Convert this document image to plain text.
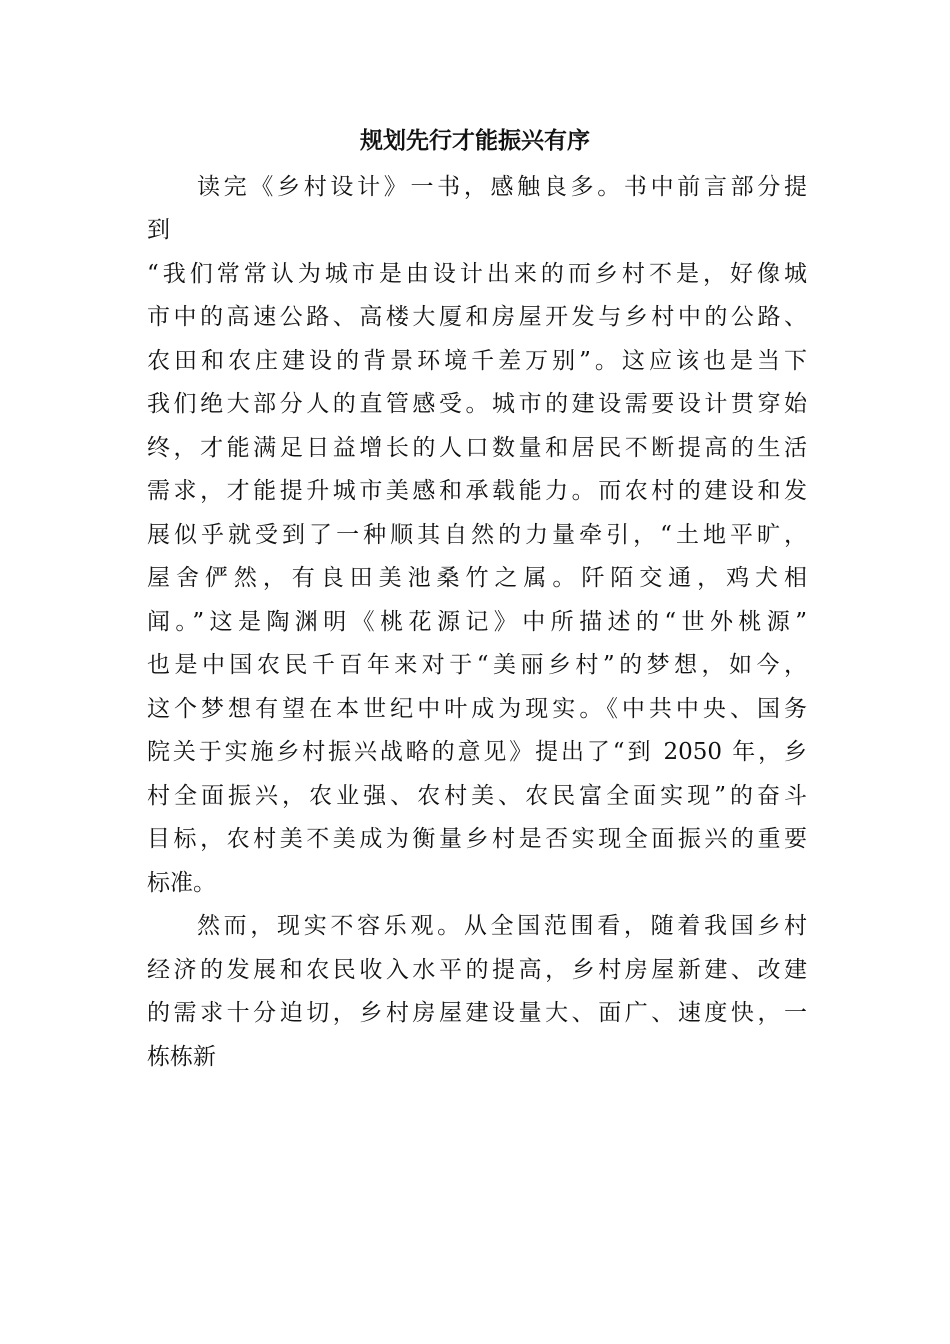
规划先行才能振兴有序
读完《乡村设计》一书，感触良多。书中前言部分提
到
“我们常常认为城市是由设计出来的而乡村不是，好像城
市中的高速公路、高楼大厦和房屋开发与乡村中的公路、
农田和农庄建设的背景环境千差万别”。这应该也是当下
我们绝大部分人的直管感受。城市的建设需要设计贯穿始
终，才能满足日益增长的人口数量和居民不断提高的生活
需求，才能提升城市美感和承载能力。而农村的建设和发
展似乎就受到了一种顺其自然的力量牵引，“土地平旷，
屋舍俨然，有良田美池桑竹之属。阡陌交通，鸡犬相
闻。”这是陶渊明《桃花源记》中所描述的“世外桃源”
也是中国农民千百年来对于“美丽乡村”的梦想，如今，
这个梦想有望在本世纪中叶成为现实。《中共中央、国务
院关于实施乡村振兴战略的意见》提出了“到 2050 年，乡
村全面振兴，农业强、农村美、农民富全面实现”的奋斗
目标，农村美不美成为衡量乡村是否实现全面振兴的重要
标准。
然而，现实不容乐观。从全国范围看，随着我国乡村
经济的发展和农民收入水平的提高，乡村房屋新建、改建
的需求十分迫切，乡村房屋建设量大、面广、速度快，一
栋栋新
